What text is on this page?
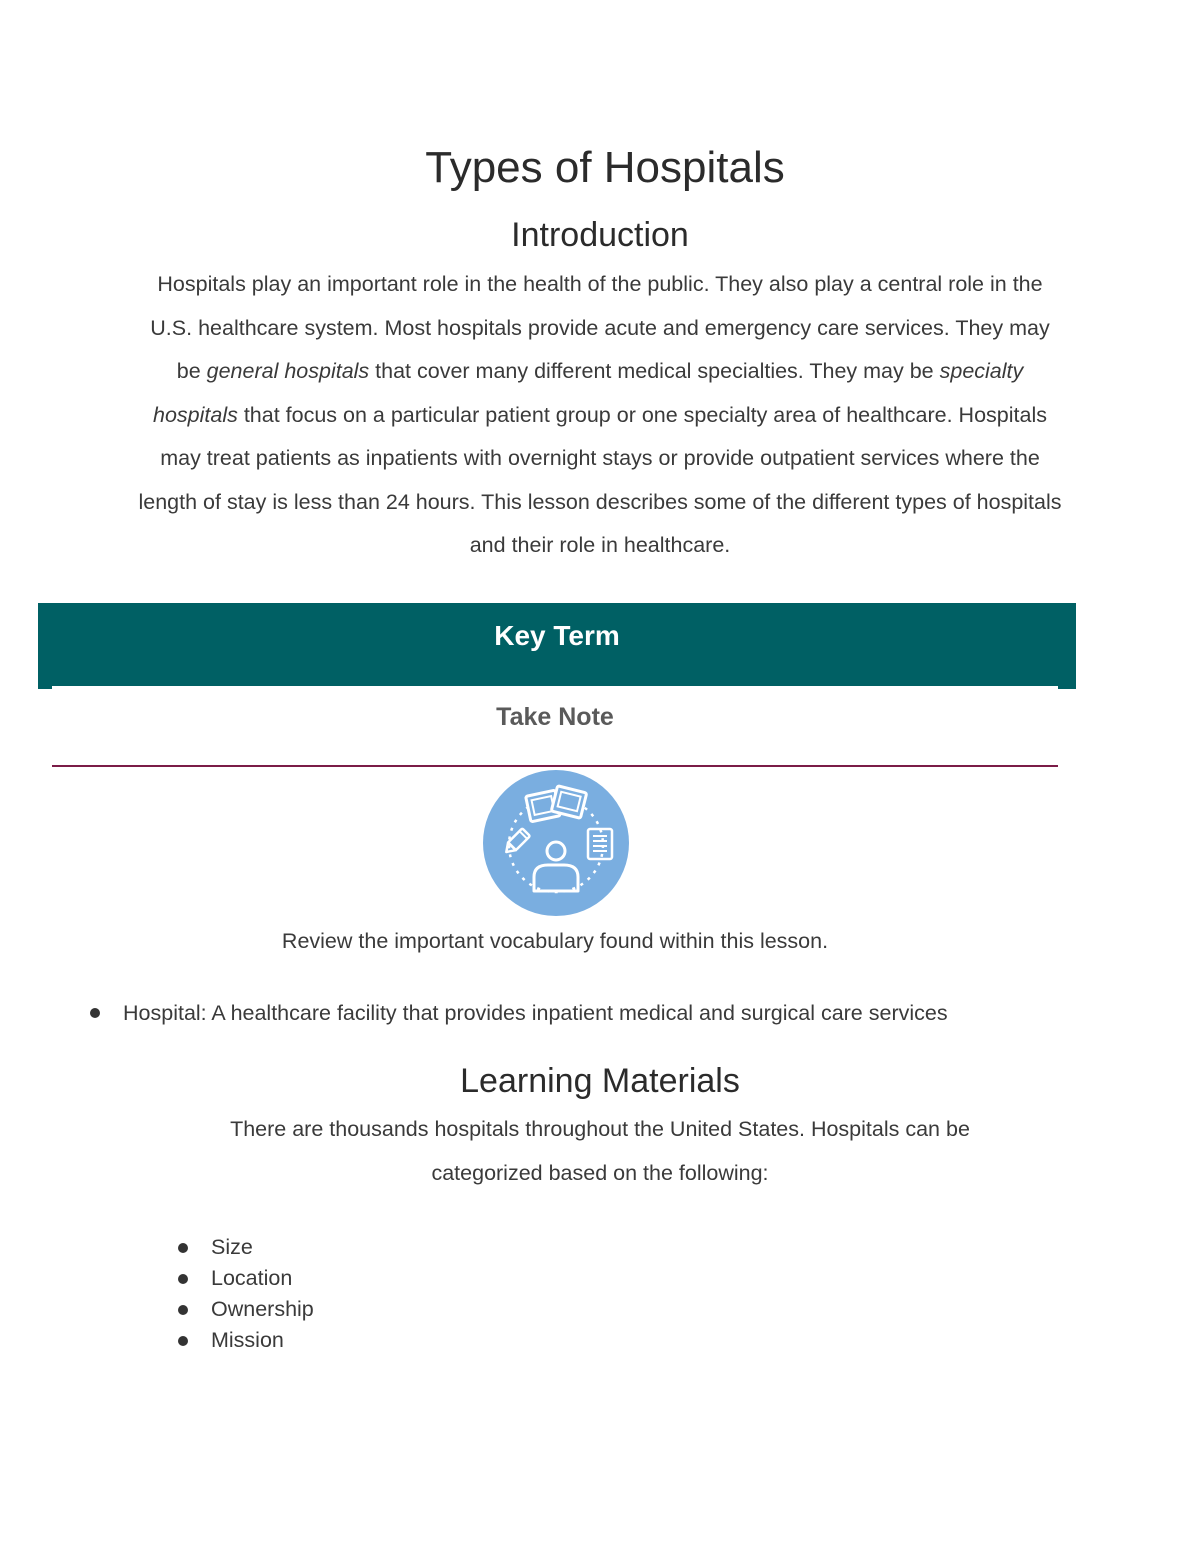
Types of Hospitals
Introduction

Hospitals play an important role in the health of the public. They also play a central role in the U.S. healthcare system. Most hospitals provide acute and emergency care services. They may be general hospitals that cover many different medical specialties. They may be specialty hospitals that focus on a particular patient group or one specialty area of healthcare. Hospitals may treat patients as inpatients with overnight stays or provide outpatient services where the length of stay is less than 24 hours. This lesson describes some of the different types of hospitals and their role in healthcare.

Key Term
Take Note

Review the important vocabulary found within this lesson.

Hospital: A healthcare facility that provides inpatient medical and surgical care services
Learning Materials

There are thousands hospitals throughout the United States. Hospitals can be categorized based on the following:

Size
Location
Ownership
Mission
